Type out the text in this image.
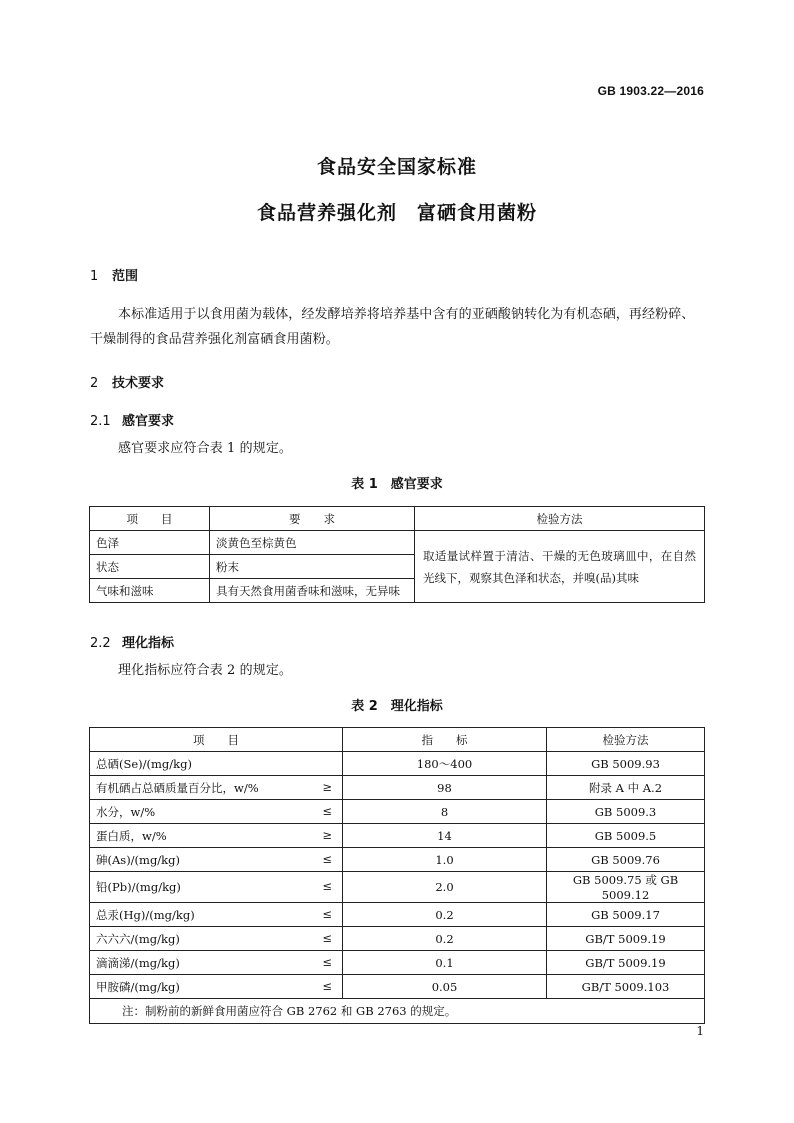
GB 1903.22—2016
食品安全国家标准
食品营养强化剂　富硒食用菌粉
1 范围
本标准适用于以食用菌为载体，经发酵培养将培养基中含有的亚硒酸钠转化为有机态硒，再经粉碎、干燥制得的食品营养强化剂富硒食用菌粉。
2 技术要求
2.1 感官要求
感官要求应符合表 1 的规定。
表 1　感官要求
项　　目	要　　求	检验方法
色泽	淡黄色至棕黄色	取适量试样置于清洁、干燥的无色玻璃皿中，在自然光线下，观察其色泽和状态，并嗅(品)其味
状态	粉末	
气味和滋味	具有天然食用菌香味和滋味，无异味	
2.2 理化指标
理化指标应符合表 2 的规定。
表 2　理化指标
项　　目	指　　标	检验方法
总硒(Se)/(mg/kg)	180～400	GB 5009.93
有机硒占总硒质量百分比，w/% ≥	98	附录 A 中 A.2
水分，w/% ≤	8	GB 5009.3
蛋白质，w/% ≥	14	GB 5009.5
砷(As)/(mg/kg) ≤	1.0	GB 5009.76
铅(Pb)/(mg/kg) ≤	2.0	GB 5009.75 或 GB 5009.12
总汞(Hg)/(mg/kg) ≤	0.2	GB 5009.17
六六六/(mg/kg) ≤	0.2	GB/T 5009.19
滴滴涕/(mg/kg) ≤	0.1	GB/T 5009.19
甲胺磷/(mg/kg) ≤	0.05	GB/T 5009.103
注：制粉前的新鲜食用菌应符合 GB 2762 和 GB 2763 的规定。		
1
